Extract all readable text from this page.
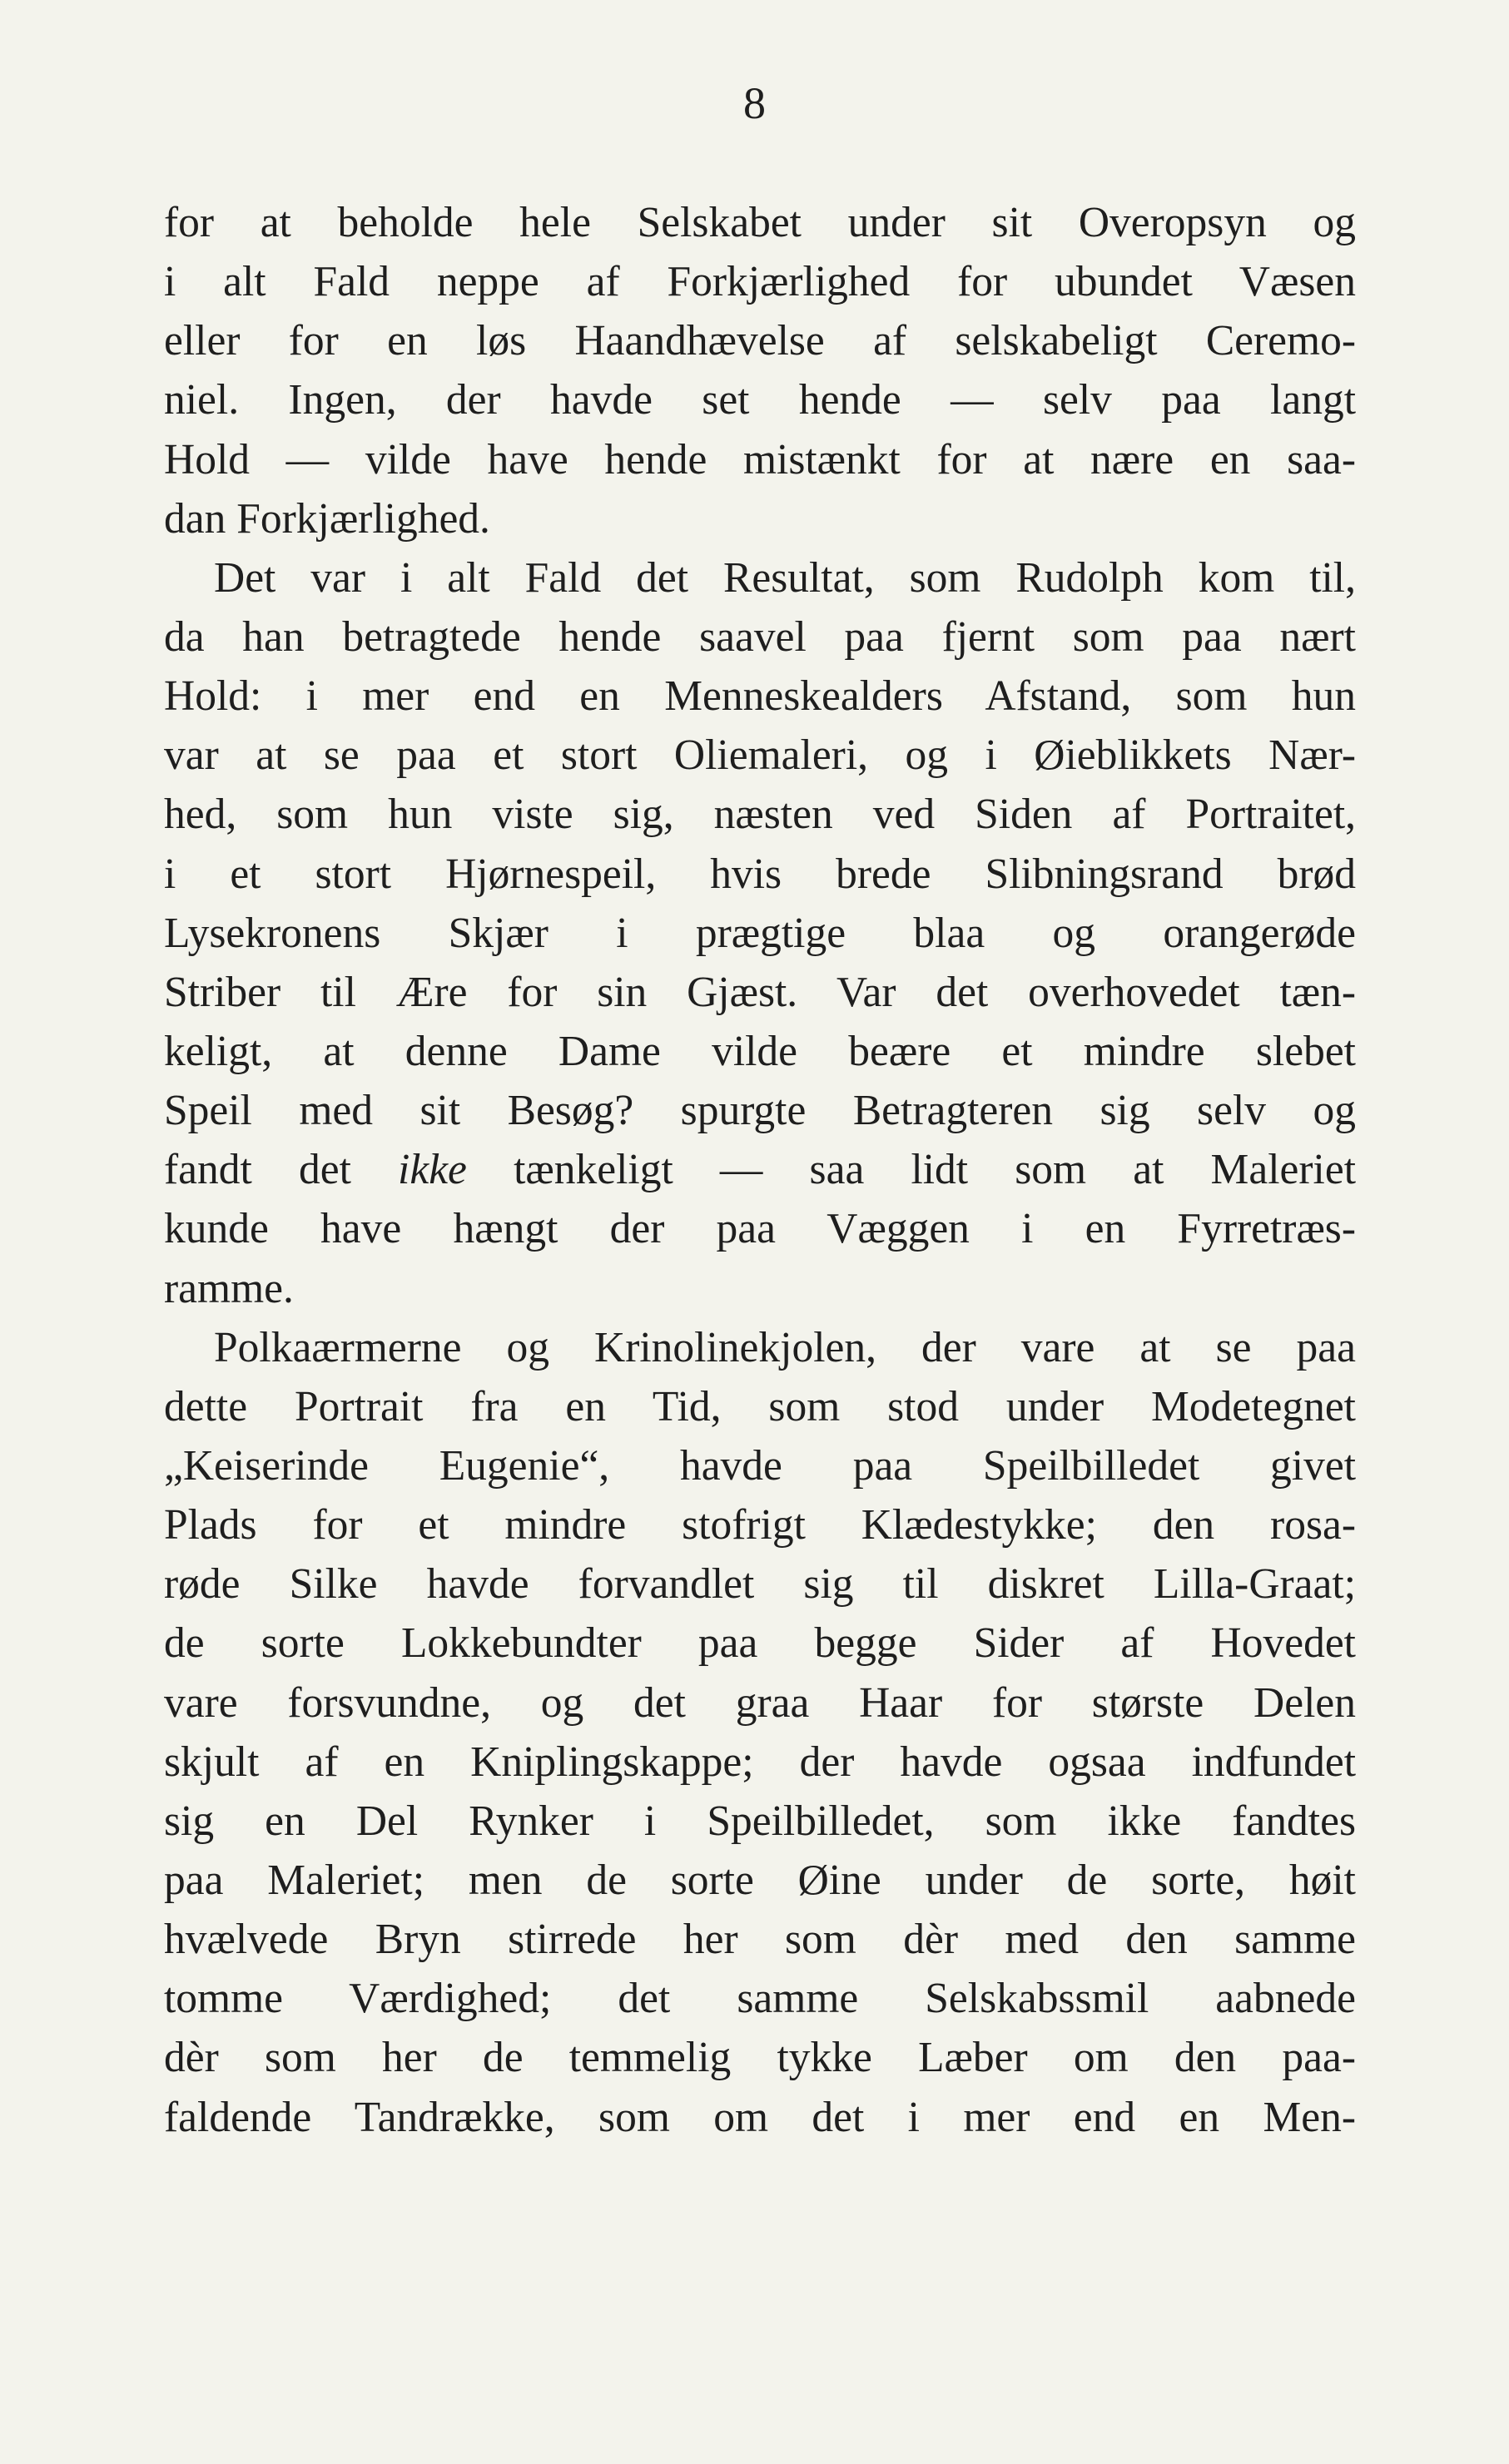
8
for at beholde hele Selskabet under sit Overopsyn og
i alt Fald neppe af Forkjærlighed for ubundet Væsen
eller for en løs Haandhævelse af selskabeligt Ceremo-
niel. Ingen, der havde set hende — selv paa langt
Hold — vilde have hende mistænkt for at nære en saa-
dan Forkjærlighed.
Det var i alt Fald det Resultat, som Rudolph kom til,
da han betragtede hende saavel paa fjernt som paa nært
Hold: i mer end en Menneskealders Afstand, som hun
var at se paa et stort Oliemaleri, og i Øieblikkets Nær-
hed, som hun viste sig, næsten ved Siden af Portraitet,
i et stort Hjørnespeil, hvis brede Slibningsrand brød
Lysekronens Skjær i prægtige blaa og orangerøde
Striber til Ære for sin Gjæst. Var det overhovedet tæn-
keligt, at denne Dame vilde beære et mindre slebet
Speil med sit Besøg? spurgte Betragteren sig selv og
fandt det ikke tænkeligt — saa lidt som at Maleriet
kunde have hængt der paa Væggen i en Fyrretræs-
ramme.
Polkaærmerne og Krinolinekjolen, der vare at se paa
dette Portrait fra en Tid, som stod under Modetegnet
„Keiserinde Eugenie“, havde paa Speilbilledet givet
Plads for et mindre stofrigt Klædestykke; den rosa-
røde Silke havde forvandlet sig til diskret Lilla-Graat;
de sorte Lokkebundter paa begge Sider af Hovedet
vare forsvundne, og det graa Haar for største Delen
skjult af en Kniplingskappe; der havde ogsaa indfundet
sig en Del Rynker i Speilbilledet, som ikke fandtes
paa Maleriet; men de sorte Øine under de sorte, høit
hvælvede Bryn stirrede her som dèr med den samme
tomme Værdighed; det samme Selskabssmil aabnede
dèr som her de temmelig tykke Læber om den paa-
faldende Tandrække, som om det i mer end en Men-
